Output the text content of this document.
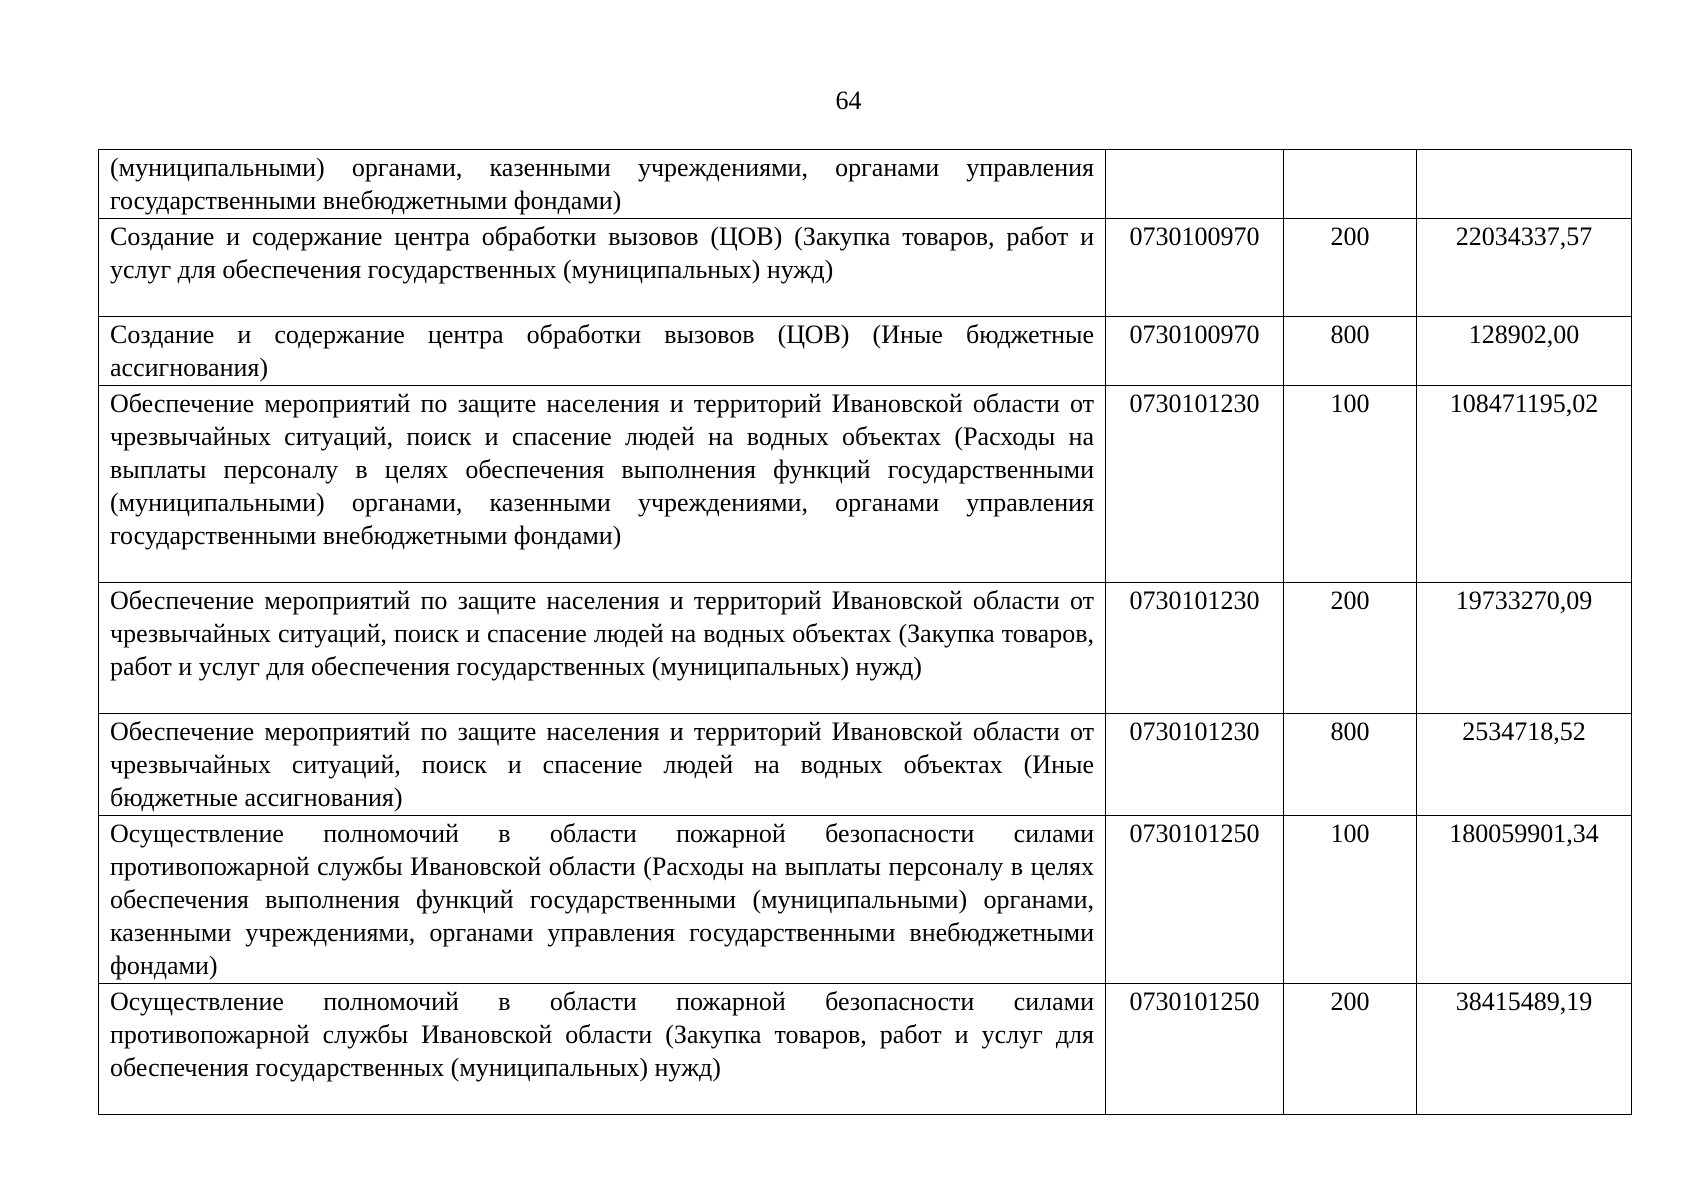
64
(муниципальными) органами, казенными учреждениями, органами управления государственными внебюджетными фондами)			
Создание и содержание центра обработки вызовов (ЦОВ) (Закупка товаров, работ и услуг для обеспечения государственных (муниципальных) нужд)	0730100970	200	22034337,57
Создание и содержание центра обработки вызовов (ЦОВ) (Иные бюджетные ассигнования)	0730100970	800	128902,00
Обеспечение мероприятий по защите населения и территорий Ивановской области от чрезвычайных ситуаций, поиск и спасение людей на водных объектах (Расходы на выплаты персоналу в целях обеспечения выполнения функций государственными (муниципальными) органами, казенными учреждениями, органами управления государственными внебюджетными фондами)	0730101230	100	108471195,02
Обеспечение мероприятий по защите населения и территорий Ивановской области от чрезвычайных ситуаций, поиск и спасение людей на водных объектах (Закупка товаров, работ и услуг для обеспечения государственных (муниципальных) нужд)	0730101230	200	19733270,09
Обеспечение мероприятий по защите населения и территорий Ивановской области от чрезвычайных ситуаций, поиск и спасение людей на водных объектах (Иные бюджетные ассигнования)	0730101230	800	2534718,52
Осуществление полномочий в области пожарной безопасности силами противопожарной службы Ивановской области (Расходы на выплаты персоналу в целях обеспечения выполнения функций государственными (муниципальными) органами, казенными учреждениями, органами управления государственными внебюджетными фондами)	0730101250	100	180059901,34
Осуществление полномочий в области пожарной безопасности силами противопожарной службы Ивановской области (Закупка товаров, работ и услуг для обеспечения государственных (муниципальных) нужд)	0730101250	200	38415489,19
